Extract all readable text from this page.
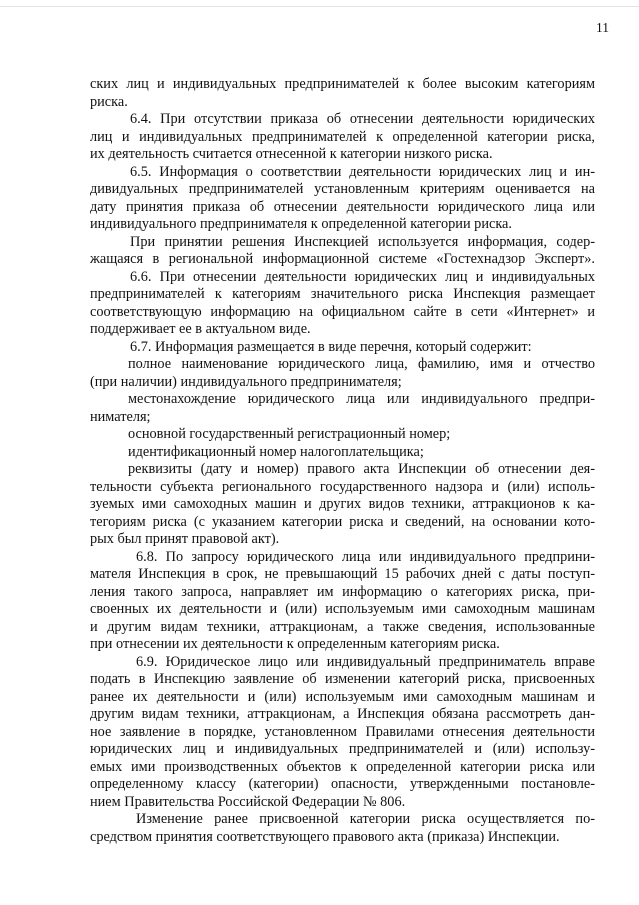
11
ских лиц и индивидуальных предпринимателей к более высоким категориям
риска.
6.4. При отсутствии приказа об отнесении деятельности юридических
лиц и индивидуальных предпринимателей к определенной категории риска,
их деятельность считается отнесенной к категории низкого риска.
6.5. Информация о соответствии деятельности юридических лиц и ин-
дивидуальных предпринимателей установленным критериям оценивается на
дату принятия приказа об отнесении деятельности юридического лица или
индивидуального предпринимателя к определенной категории риска.
При принятии решения Инспекцией используется информация, содер-
жащаяся в региональной информационной системе «Гостехнадзор Эксперт».
6.6. При отнесении деятельности юридических лиц и индивидуальных
предпринимателей к категориям значительного риска Инспекция размещает
соответствующую информацию на официальном сайте в сети «Интернет» и
поддерживает ее в актуальном виде.
6.7. Информация размещается в виде перечня, который содержит:
полное наименование юридического лица, фамилию, имя и отчество
(при наличии) индивидуального предпринимателя;
местонахождение юридического лица или индивидуального предпри-
нимателя;
основной государственный регистрационный номер;
идентификационный номер налогоплательщика;
реквизиты (дату и номер) правого акта Инспекции об отнесении дея-
тельности субъекта регионального государственного надзора и (или) исполь-
зуемых ими самоходных машин и других видов техники, аттракционов к ка-
тегориям риска (с указанием категории риска и сведений, на основании кото-
рых был принят правовой акт).
6.8. По запросу юридического лица или индивидуального предприни-
мателя Инспекция в срок, не превышающий 15 рабочих дней с даты поступ-
ления такого запроса, направляет им информацию о категориях риска, при-
своенных их деятельности и (или) используемым ими самоходным машинам
и другим видам техники, аттракционам, а также сведения, использованные
при отнесении их деятельности к определенным категориям риска.
6.9. Юридическое лицо или индивидуальный предприниматель вправе
подать в Инспекцию заявление об изменении категорий риска, присвоенных
ранее их деятельности и (или) используемым ими самоходным машинам и
другим видам техники, аттракционам, а Инспекция обязана рассмотреть дан-
ное заявление в порядке, установленном Правилами отнесения деятельности
юридических лиц и индивидуальных предпринимателей и (или) использу-
емых ими производственных объектов к определенной категории риска или
определенному классу (категории) опасности, утвержденными постановле-
нием Правительства Российской Федерации № 806.
Изменение ранее присвоенной категории риска осуществляется по-
средством принятия соответствующего правового акта (приказа) Инспекции.
